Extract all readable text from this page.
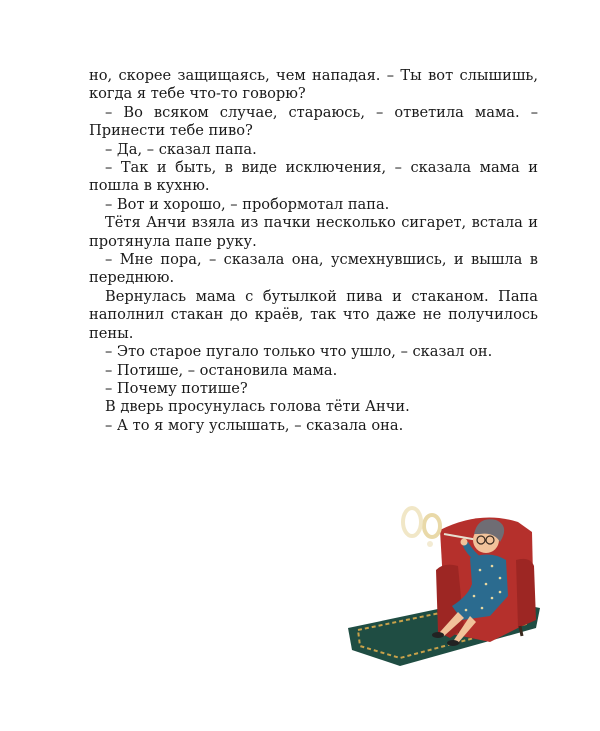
но, скорее защищаясь, чем нападая. – Ты вот слышишь, когда я тебе что-то говорю?

– Во всяком случае, стараюсь, – ответила мама. – Принести тебе пиво?

– Да, – сказал папа.

– Так и быть, в виде исключения, – сказала мама и пошла в кухню.

– Вот и хорошо, – пробормотал папа.

Тётя Анчи взяла из пачки несколько сигарет, встала и протянула папе руку.

– Мне пора, – сказала она, усмехнувшись, и вышла в переднюю.

Вернулась мама с бутылкой пива и стаканом. Папа наполнил стакан до краёв, так что даже не получилось пены.

– Это старое пугало только что ушло, – сказал он.

– Потише, – остановила мама.

– Почему потише?

В дверь просунулась голова тёти Анчи.

– А то я могу услышать, – сказала она.
